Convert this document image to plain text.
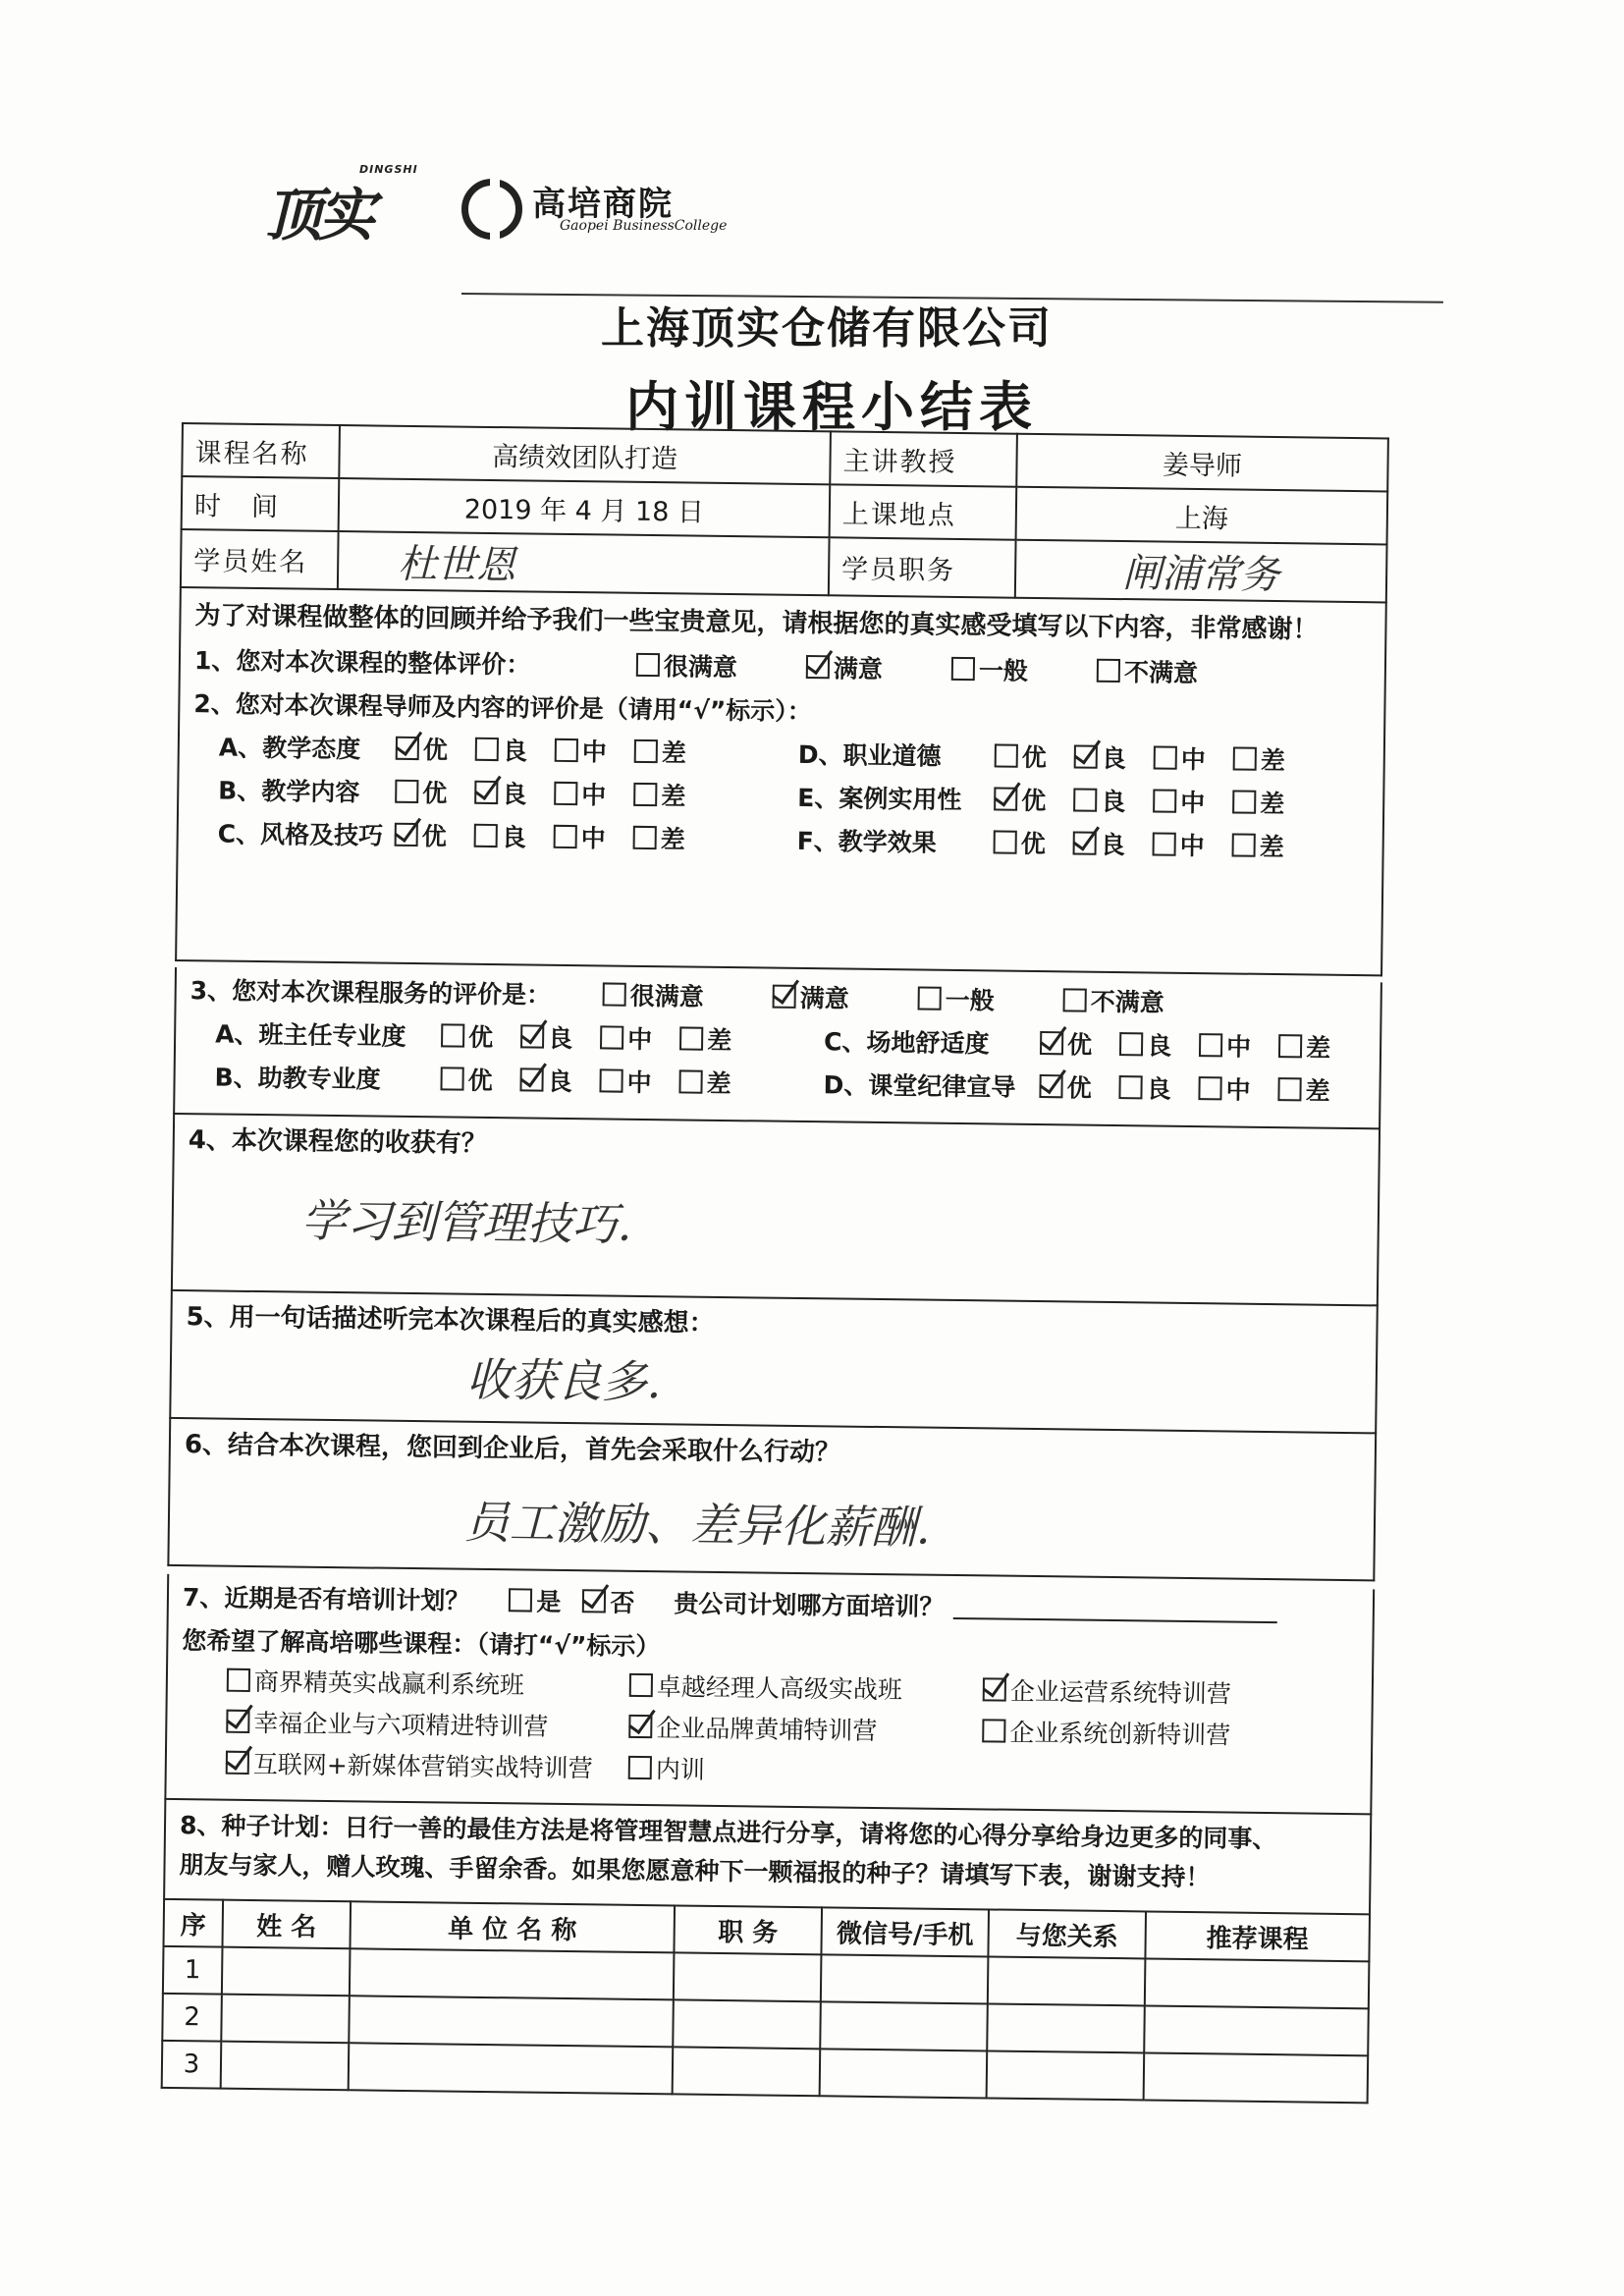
顶实
DINGSHI
高培商院
Gaopei BusinessCollege
上海顶实仓储有限公司
内训课程小结表
课程名称	高绩效团队打造	主讲教授	姜导师
时　间	2019 年 4 月 18 日	上课地点	上海
学员姓名	杜世恩	学员职务	闸浦常务
为了对课程做整体的回顾并给予我们一些宝贵意见，请根据您的真实感受填写以下内容，非常感谢！
1、您对本次课程的整体评价：	很满意	满意	一般	不满意
2、您对本次课程导师及内容的评价是（请用“√”标示）：
A、教学态度	优 良 中 差
B、教学内容	优 良 中 差
C、风格及技巧	优 良 中 差
D、职业道德	优 良 中 差
E、案例实用性	优 良 中 差
F、教学效果	优 良 中 差
3、您对本次课程服务的评价是：	很满意	满意	一般	不满意
A、班主任专业度	优 良 中 差
B、助教专业度	优 良 中 差
C、场地舒适度	优 良 中 差
D、课堂纪律宣导	优 良 中 差
4、本次课程您的收获有？
学习到管理技巧.
5、用一句话描述听完本次课程后的真实感想：
收获良多.
6、结合本次课程，您回到企业后，首先会采取什么行动？
员工激励、差异化薪酬.
7、近期是否有培训计划？	是 否 贵公司计划哪方面培训？
您希望了解高培哪些课程：（请打“√”标示）
商界精英实战赢利系统班	卓越经理人高级实战班	企业运营系统特训营
幸福企业与六项精进特训营	企业品牌黄埔特训营	企业系统创新特训营
互联网+新媒体营销实战特训营	内训
8、种子计划：日行一善的最佳方法是将管理智慧点进行分享，请将您的心得分享给身边更多的同事、
朋友与家人，赠人玫瑰、手留余香。如果您愿意种下一颗福报的种子？请填写下表，谢谢支持！
序	姓 名	单 位 名 称	职 务	微信号/手机	与您关系	推荐课程
1						
2						
3						
